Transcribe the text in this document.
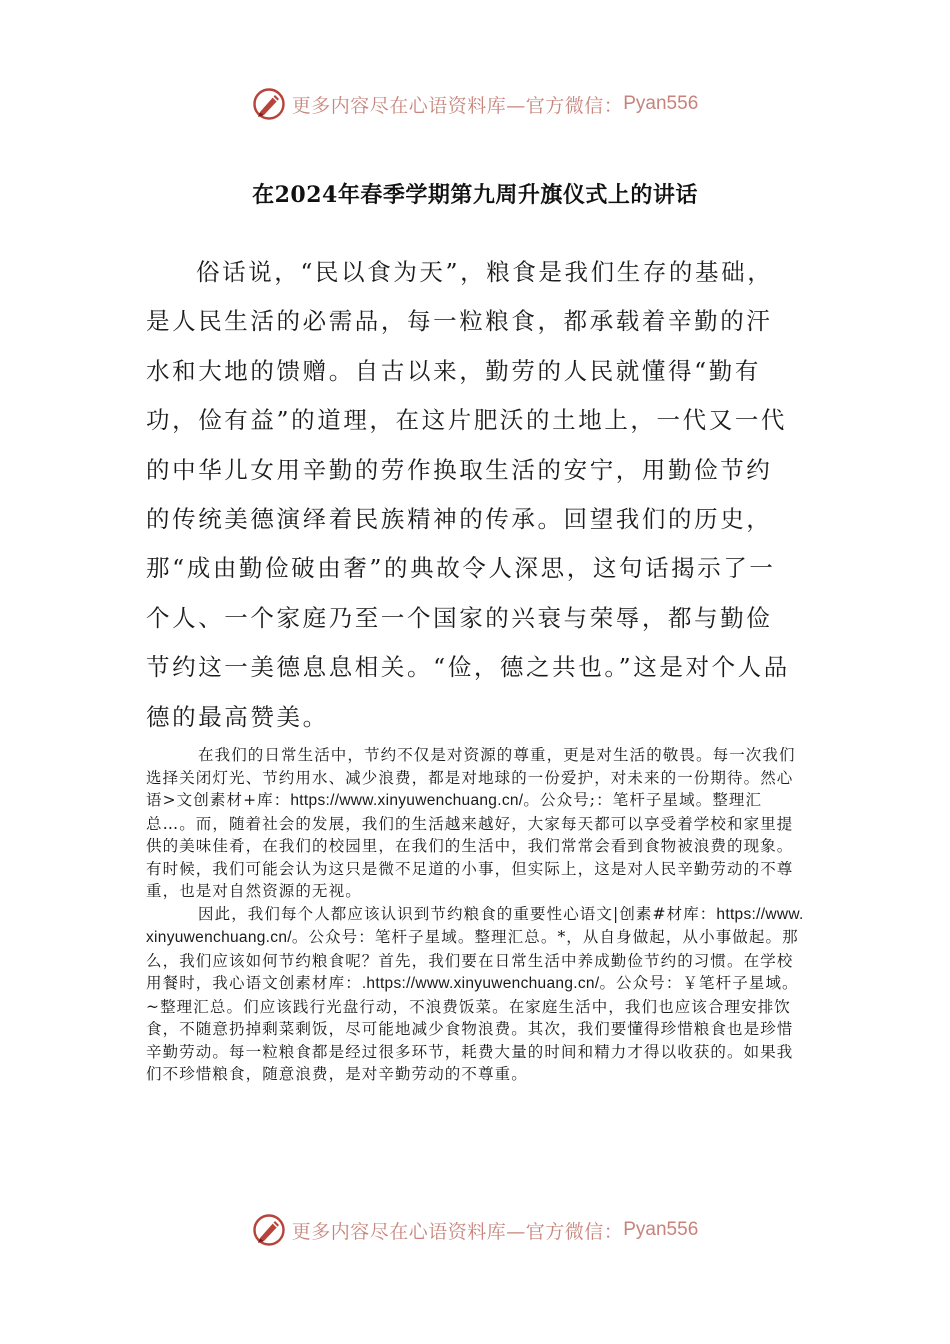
更多内容尽在心语资料库—官方微信： Pyan556
在2024年春季学期第九周升旗仪式上的讲话

俗话说，“民以食为天”，粮食是我们生存的基础，是人民生活的必需品，每一粒粮食，都承载着辛勤的汗水和大地的馈赠。自古以来，勤劳的人民就懂得“勤有功，俭有益”的道理，在这片肥沃的土地上，一代又一代的中华儿女用辛勤的劳作换取生活的安宁，用勤俭节约的传统美德演绎着民族精神的传承。回望我们的历史，那“成由勤俭破由奢”的典故令人深思，这句话揭示了一个人、一个家庭乃至一个国家的兴衰与荣辱，都与勤俭节约这一美德息息相关。“俭，德之共也。”这是对个人品德的最高赞美。

在我们的日常生活中，节约不仅是对资源的尊重，更是对生活的敬畏。每一次我们选择关闭灯光、节约用水、减少浪费，都是对地球的一份爱护，对未来的一份期待。然心语>文创素材+库：https://www.xinyuwenchuang.cn/。公众号;：笔杆子星域。整理汇总…。而，随着社会的发展，我们的生活越来越好，大家每天都可以享受着学校和家里提供的美味佳肴，在我们的校园里，在我们的生活中，我们常常会看到食物被浪费的现象。有时候，我们可能会认为这只是微不足道的小事，但实际上，这是对人民辛勤劳动的不尊重，也是对自然资源的无视。

因此，我们每个人都应该认识到节约粮食的重要性心语文|创素#材库：https://www.xinyuwenchuang.cn/。公众号：笔杆子星域。整理汇总。*，从自身做起，从小事做起。那么，我们应该如何节约粮食呢？首先，我们要在日常生活中养成勤俭节约的习惯。在学校用餐时，我心语文创素材库：.https://www.xinyuwenchuang.cn/。公众号：￥笔杆子星域。~整理汇总。们应该践行光盘行动，不浪费饭菜。在家庭生活中，我们也应该合理安排饮食，不随意扔掉剩菜剩饭，尽可能地减少食物浪费。其次，我们要懂得珍惜粮食也是珍惜辛勤劳动。每一粒粮食都是经过很多环节，耗费大量的时间和精力才得以收获的。如果我们不珍惜粮食，随意浪费，是对辛勤劳动的不尊重。

更多内容尽在心语资料库—官方微信： Pyan556
